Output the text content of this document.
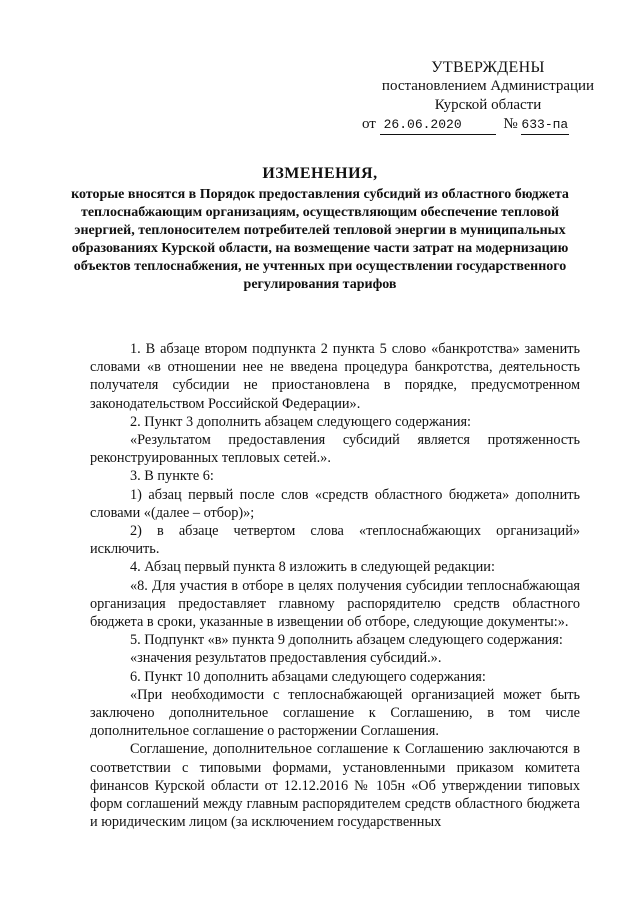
УТВЕРЖДЕНЫ
постановлением Администрации
Курской области
от 26.06.2020	№ 633-па
ИЗМЕНЕНИЯ,
которые вносятся в Порядок предоставления субсидий из областного бюджета теплоснабжающим организациям, осуществляющим обеспечение тепловой энергией, теплоносителем потребителей тепловой энергии в муниципальных образованиях Курской области, на возмещение части затрат на модернизацию объектов теплоснабжения, не учтенных при осуществлении государственного регулирования тарифов

1. В абзаце втором подпункта 2 пункта 5 слово «банкротства» заменить словами «в отношении нее не введена процедура банкротства, деятельность получателя субсидии не приостановлена в порядке, предусмотренном законодательством Российской Федерации».

2. Пункт 3 дополнить абзацем следующего содержания:

«Результатом предоставления субсидий является протяженность реконструированных тепловых сетей.».

3. В пункте 6:

1) абзац первый после слов «средств областного бюджета» дополнить словами «(далее – отбор)»;

2) в абзаце четвертом слова «теплоснабжающих организаций» исключить.

4. Абзац первый пункта 8 изложить в следующей редакции:

«8. Для участия в отборе в целях получения субсидии теплоснабжающая организация предоставляет главному распорядителю средств областного бюджета в сроки, указанные в извещении об отборе, следующие документы:».

5. Подпункт «в» пункта 9 дополнить абзацем следующего содержания:

«значения результатов предоставления субсидий.».

6. Пункт 10 дополнить абзацами следующего содержания:

«При необходимости с теплоснабжающей организацией может быть заключено дополнительное соглашение к Соглашению, в том числе дополнительное соглашение о расторжении Соглашения.

Соглашение, дополнительное соглашение к Соглашению заключаются в соответствии с типовыми формами, установленными приказом комитета финансов Курской области от 12.12.2016 № 105н «Об утверждении типовых форм соглашений между главным распорядителем средств областного бюджета и юридическим лицом (за исключением государственных
